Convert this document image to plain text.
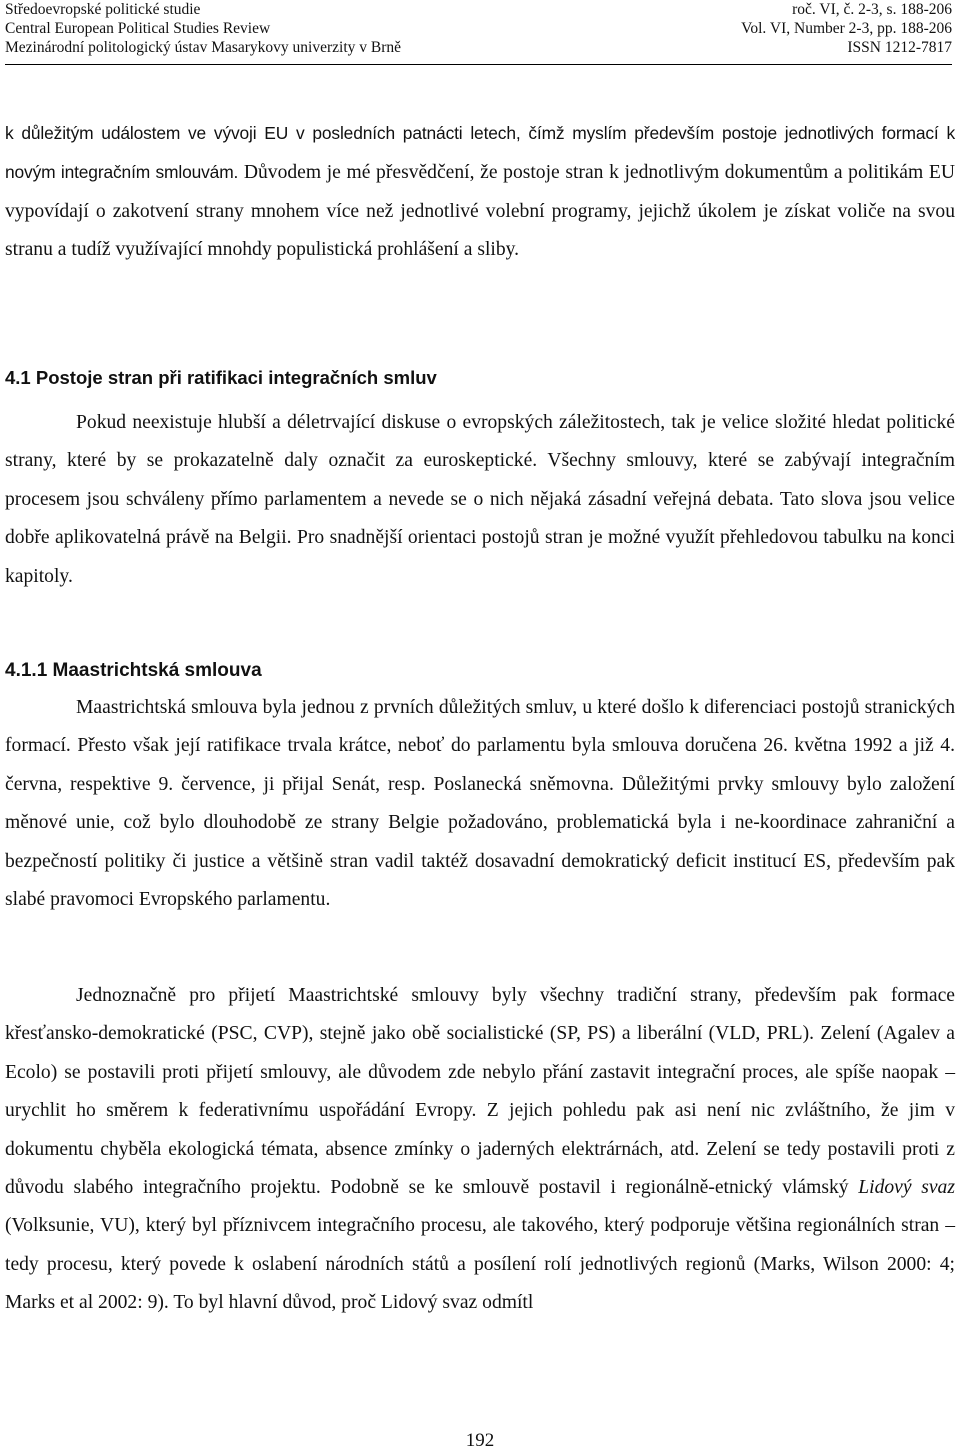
Středoevropské politické studie
Central European Political Studies Review
Mezinárodní politologický ústav Masarykovy univerzity v Brně
roč. VI, č. 2-3, s. 188-206
Vol. VI, Number 2-3, pp. 188-206
ISSN 1212-7817
k důležitým událostem ve vývoji EU v posledních patnácti letech, čímž myslím především postoje jednotlivých formací k novým integračním smlouvám. Důvodem je mé přesvědčení, že postoje stran k jednotlivým dokumentům a politikám EU vypovídají o zakotvení strany mnohem více než jednotlivé volební programy, jejichž úkolem je získat voliče na svou stranu a tudíž využívající mnohdy populistická prohlášení a sliby.
4.1 Postoje stran při ratifikaci integračních smluv
Pokud neexistuje hlubší a déletrvající diskuse o evropských záležitostech, tak je velice složité hledat politické strany, které by se prokazatelně daly označit za euroskeptické. Všechny smlouvy, které se zabývají integračním procesem jsou schváleny přímo parlamentem a nevede se o nich nějaká zásadní veřejná debata. Tato slova jsou velice dobře aplikovatelná právě na Belgii. Pro snadnější orientaci postojů stran je možné využít přehledovou tabulku na konci kapitoly.
4.1.1 Maastrichtská smlouva
Maastrichtská smlouva byla jednou z prvních důležitých smluv, u které došlo k diferenciaci postojů stranických formací. Přesto však její ratifikace trvala krátce, neboť do parlamentu byla smlouva doručena 26. května 1992 a již 4. června, respektive 9. července, ji přijal Senát, resp. Poslanecká sněmovna. Důležitými prvky smlouvy bylo založení měnové unie, což bylo dlouhodobě ze strany Belgie požadováno, problematická byla i ne-koordinace zahraniční a bezpečností politiky či justice a většině stran vadil taktéž dosavadní demokratický deficit institucí ES, především pak slabé pravomoci Evropského parlamentu.
Jednoznačně pro přijetí Maastrichtské smlouvy byly všechny tradiční strany, především pak formace křesťansko-demokratické (PSC, CVP), stejně jako obě socialistické (SP, PS) a liberální (VLD, PRL). Zelení (Agalev a Ecolo) se postavili proti přijetí smlouvy, ale důvodem zde nebylo přání zastavit integrační proces, ale spíše naopak – urychlit ho směrem k federativnímu uspořádání Evropy. Z jejich pohledu pak asi není nic zvláštního, že jim v dokumentu chyběla ekologická témata, absence zmínky o jaderných elektrárnách, atd. Zelení se tedy postavili proti z důvodu slabého integračního projektu. Podobně se ke smlouvě postavil i regionálně-etnický vlámský Lidový svaz (Volksunie, VU), který byl příznivcem integračního procesu, ale takového, který podporuje většina regionálních stran – tedy procesu, který povede k oslabení národních států a posílení rolí jednotlivých regionů (Marks, Wilson 2000: 4; Marks et al 2002: 9). To byl hlavní důvod, proč Lidový svaz odmítl
192
